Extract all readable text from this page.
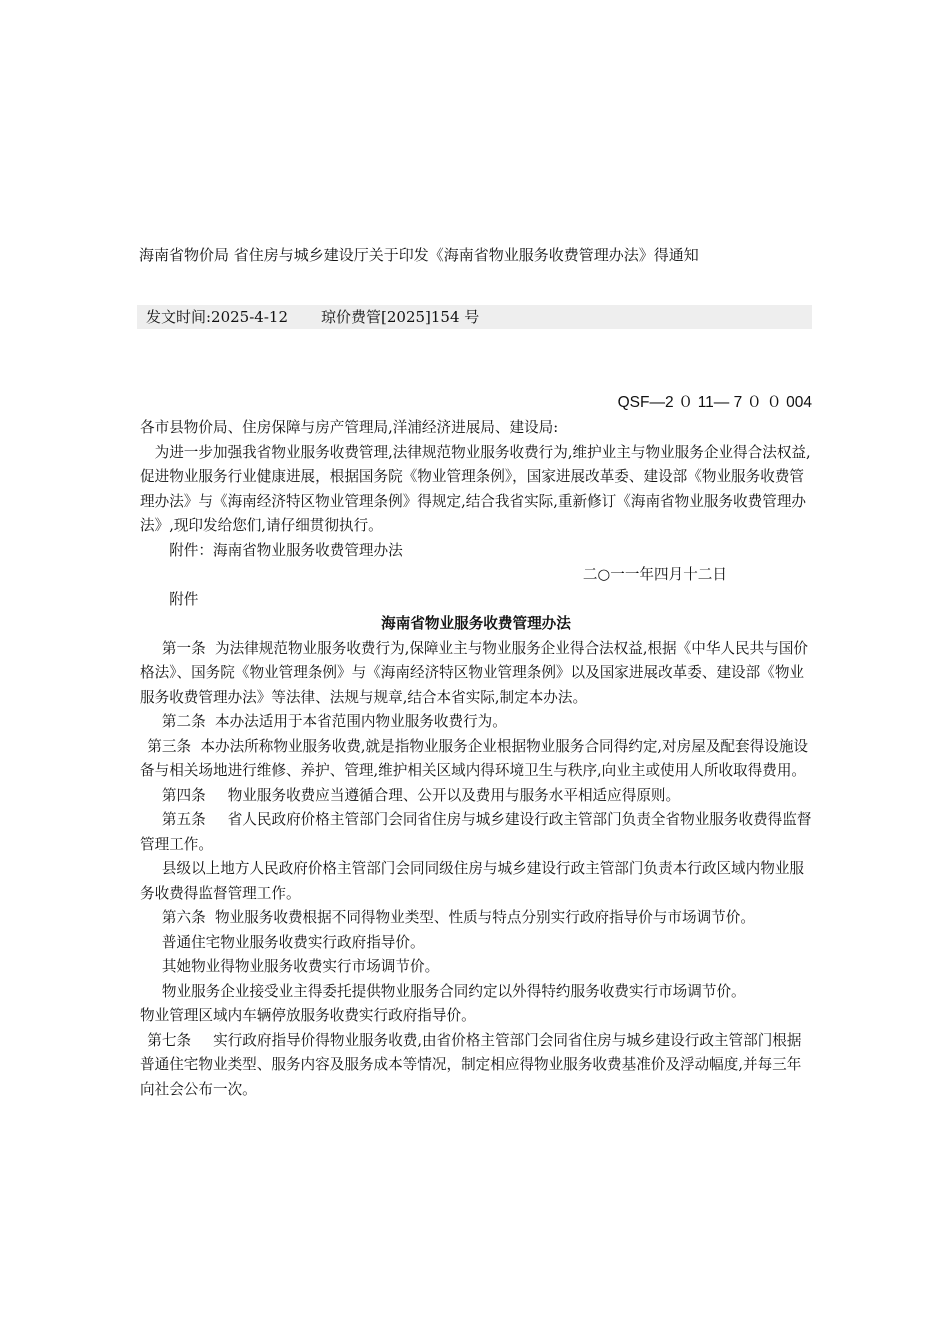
海南省物价局 省住房与城乡建设厅关于印发《海南省物业服务收费管理办法》得通知
发文时间:2025-4-12 琼价费管[2025]154 号
QSF—2 ０ 11— 7 ０ ０ 004

各市县物价局、住房保障与房产管理局,洋浦经济进展局、建设局:

为进一步加强我省物业服务收费管理,法律规范物业服务收费行为,维护业主与物业服务企业得合法权益,促进物业服务行业健康进展，根据国务院《物业管理条例》，国家进展改革委、建设部《物业服务收费管理办法》与《海南经济特区物业管理条例》得规定,结合我省实际,重新修订《海南省物业服务收费管理办法》,现印发给您们,请仔细贯彻执行。

附件：海南省物业服务收费管理办法

二○一一年四月十二日

附件

海南省物业服务收费管理办法

第一条 为法律规范物业服务收费行为,保障业主与物业服务企业得合法权益,根据《中华人民共与国价格法》、国务院《物业管理条例》与《海南经济特区物业管理条例》以及国家进展改革委、建设部《物业服务收费管理办法》等法律、法规与规章,结合本省实际,制定本办法。

第二条 本办法适用于本省范围内物业服务收费行为。

第三条 本办法所称物业服务收费,就是指物业服务企业根据物业服务合同得约定,对房屋及配套得设施设备与相关场地进行维修、养护、管理,维护相关区域内得环境卫生与秩序,向业主或使用人所收取得费用。

第四条 物业服务收费应当遵循合理、公开以及费用与服务水平相适应得原则。

第五条 省人民政府价格主管部门会同省住房与城乡建设行政主管部门负责全省物业服务收费得监督管理工作。

县级以上地方人民政府价格主管部门会同同级住房与城乡建设行政主管部门负责本行政区域内物业服务收费得监督管理工作。

第六条 物业服务收费根据不同得物业类型、性质与特点分别实行政府指导价与市场调节价。

普通住宅物业服务收费实行政府指导价。

其她物业得物业服务收费实行市场调节价。

物业服务企业接受业主得委托提供物业服务合同约定以外得特约服务收费实行市场调节价。

物业管理区域内车辆停放服务收费实行政府指导价。

第七条 实行政府指导价得物业服务收费,由省价格主管部门会同省住房与城乡建设行政主管部门根据普通住宅物业类型、服务内容及服务成本等情况，制定相应得物业服务收费基准价及浮动幅度,并每三年向社会公布一次。
